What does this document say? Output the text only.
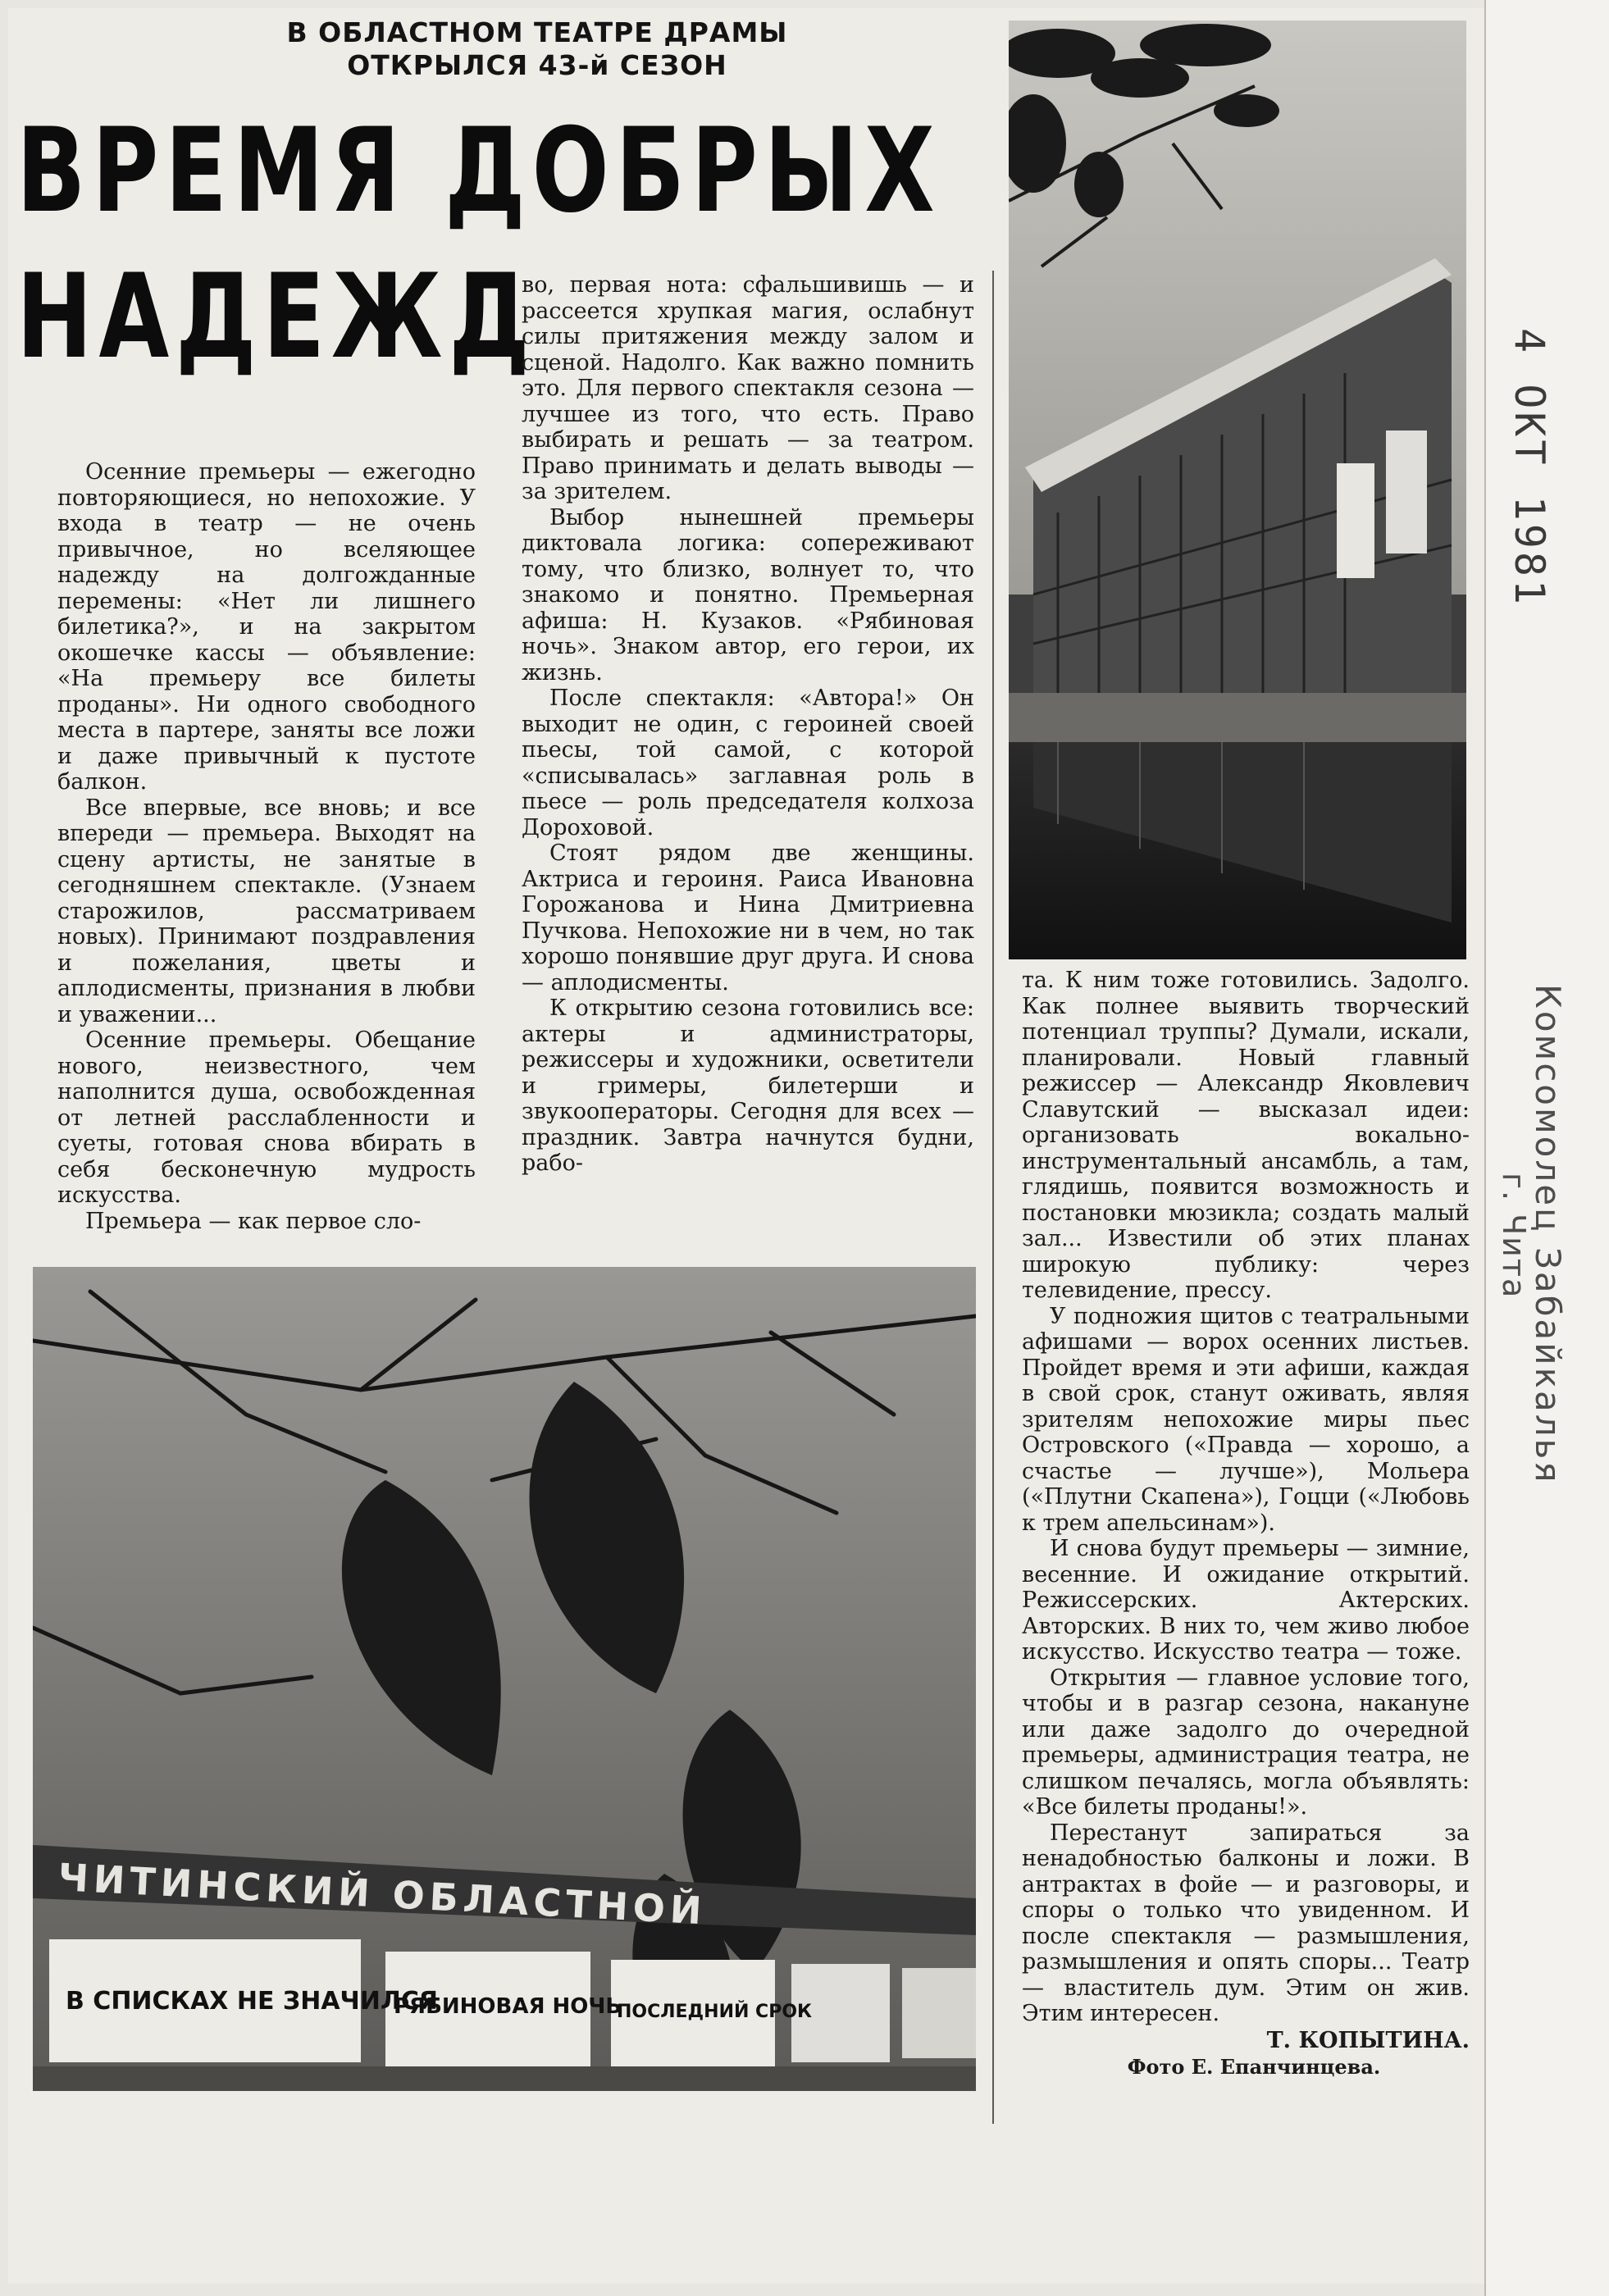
В ОБЛАСТНОМ ТЕАТРЕ ДРАМЫ
ОТКРЫЛСЯ 43-й СЕЗОН
ВРЕМЯ ДОБРЫХ
НАДЕЖД

Осенние премьеры — ежегодно повторяющиеся, но непохожие. У входа в театр — не очень привычное, но вселяющее надежду на долгожданные перемены: «Нет ли лишнего билетика?», и на закрытом окошечке кассы — объявление: «На премьеру все билеты проданы». Ни одного свободного места в партере, заняты все ложи и даже привычный к пустоте балкон.

Все впервые, все вновь; и все впереди — премьера. Выходят на сцену артисты, не занятые в сегодняшнем спектакле. (Узнаем старожилов, рассматриваем новых). Принимают поздравления и пожелания, цветы и аплодисменты, признания в любви и уважении...

Осенние премьеры. Обещание нового, неизвестного, чем наполнится душа, освобожденная от летней расслабленности и суеты, готовая снова вбирать в себя бесконечную мудрость искусства.

Премьера — как первое сло-

во, первая нота: сфальшивишь — и рассеется хрупкая магия, ослабнут силы притяжения между залом и сценой. Надолго. Как важно помнить это. Для первого спектакля сезона — лучшее из того, что есть. Право выбирать и решать — за театром. Право принимать и делать выводы — за зрителем.

Выбор нынешней премьеры диктовала логика: сопереживают тому, что близко, волнует то, что знакомо и понятно. Премьерная афиша: Н. Кузаков. «Рябиновая ночь». Знаком автор, его герои, их жизнь.

После спектакля: «Автора!» Он выходит не один, с героиней своей пьесы, той самой, с которой «списывалась» заглавная роль в пьесе — роль председателя колхоза Дороховой.

Стоят рядом две женщины. Актриса и героиня. Раиса Ивановна Горожанова и Нина Дмитриевна Пучкова. Непохожие ни в чем, но так хорошо понявшие друг друга. И снова — аплодисменты.

К открытию сезона готовились все: актеры и администраторы, режиссеры и художники, осветители и гримеры, билетерши и звукооператоры. Сегодня для всех — праздник. Завтра начнутся будни, рабо-

та. К ним тоже готовились. Задолго. Как полнее выявить творческий потенциал труппы? Думали, искали, планировали. Новый главный режиссер — Александр Яковлевич Славутский — высказал идеи: организовать вокально-инструментальный ансамбль, а там, глядишь, появится возможность и постановки мюзикла; создать малый зал... Известили об этих планах широкую публику: через телевидение, прессу.

У подножия щитов с театральными афишами — ворох осенних листьев. Пройдет время и эти афиши, каждая в свой срок, станут оживать, являя зрителям непохожие миры пьес Островского («Правда — хорошо, а счастье — лучше»), Мольера («Плутни Скапена»), Гоцци («Любовь к трем апельсинам»).

И снова будут премьеры — зимние, весенние. И ожидание открытий. Режиссерских. Актерских. Авторских. В них то, чем живо любое искусство. Искусство театра — тоже.

Открытия — главное условие того, чтобы и в разгар сезона, накануне или даже задолго до очередной премьеры, администрация театра, не слишком печалясь, могла объявлять: «Все билеты проданы!».

Перестанут запираться за ненадобностью балконы и ложи. В антрактах в фойе — и разговоры, и споры о только что увиденном. И после спектакля — размышления, размышления и опять споры... Театр — властитель дум. Этим он жив. Этим интересен.

Т. КОПЫТИНА.
Фото Е. Епанчинцева.
ЧИТИНСКИЙ ОБЛАСТНОЙ
В СПИСКАХ НЕ ЗНАЧИЛСЯ
РЯБИНОВАЯ НОЧЬ
ПОСЛЕДНИЙ СРОК
4 ОКТ 1981
Комсомолец Забайкалья
г. Чита
